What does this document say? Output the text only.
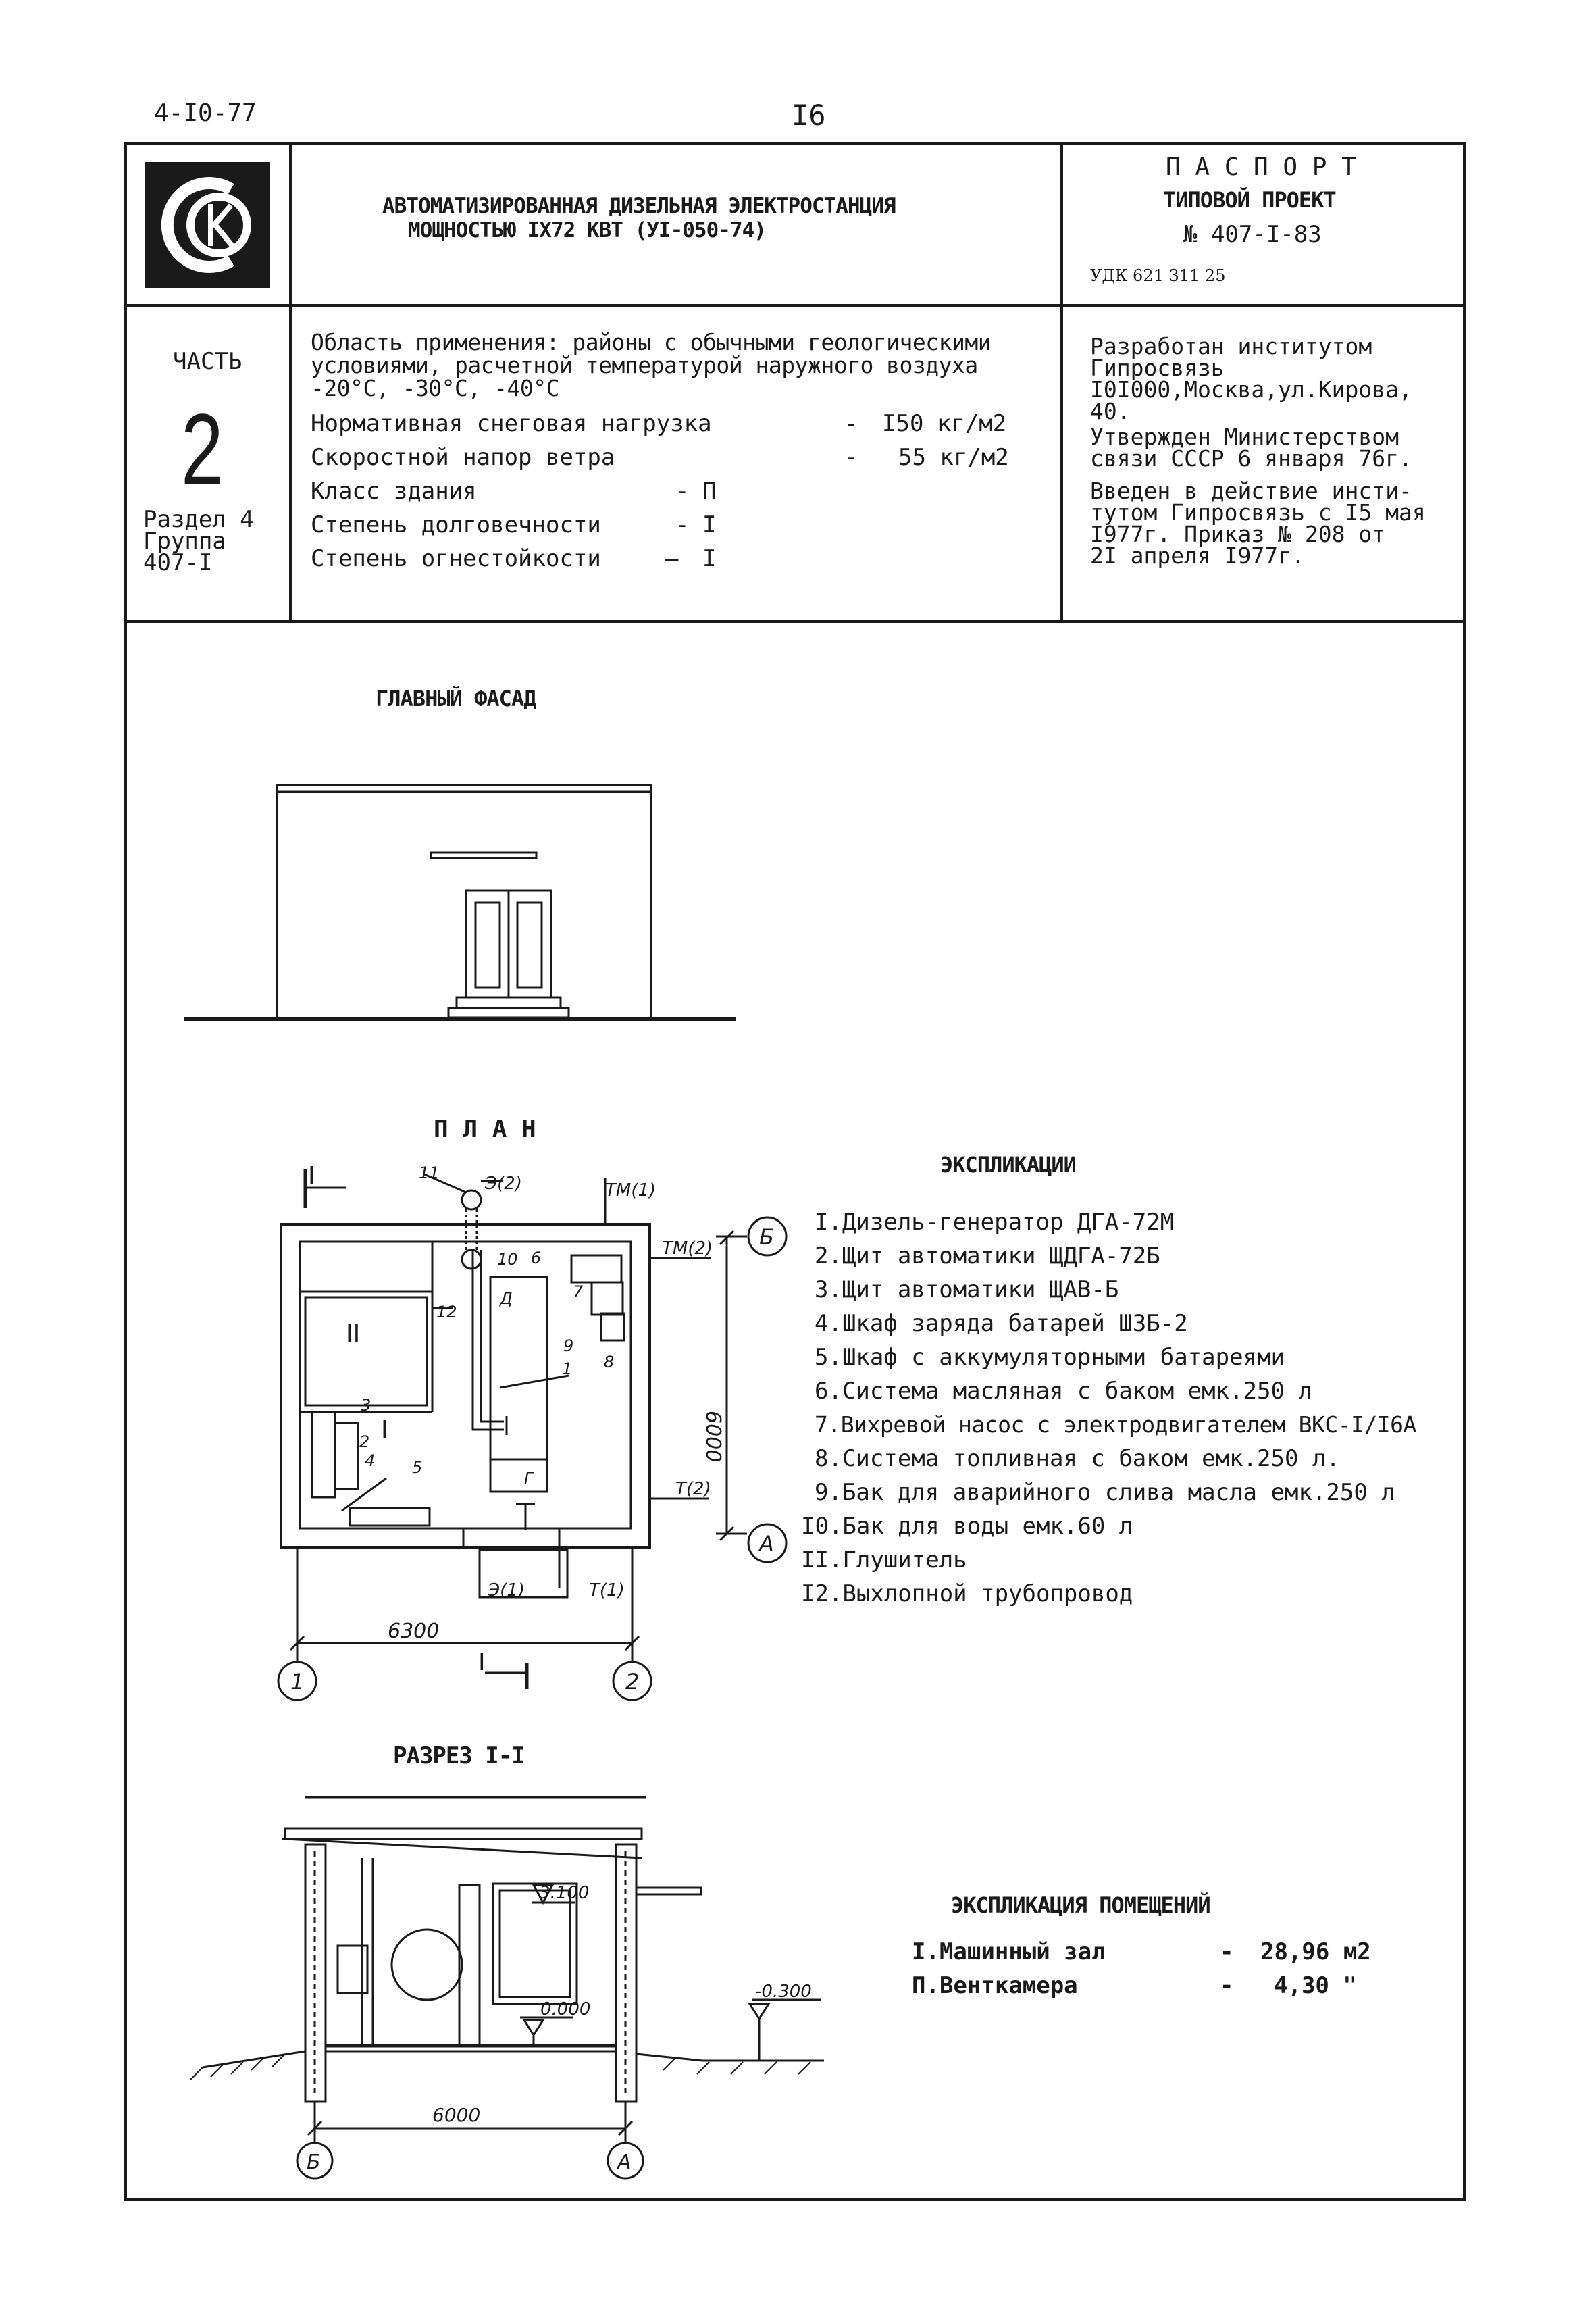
4-I0-77	I6
АВТОМАТИЗИРОВАННАЯ ДИЗЕЛЬНАЯ ЭЛЕКТРОСТАНЦИЯ
МОЩНОСТЬЮ IX72 КВТ (УI-050-74)
П А С П О Р Т
ТИПОВОЙ ПРОЕКТ
№ 407-I-83
УДК 621 311 25
ЧАСТЬ
2
Раздел 4
Группа
407-I
Область применения: районы с обычными геологическими
условиями, расчетной температурой наружного воздуха
-20°С, -30°С, -40°С
Нормативная снеговая нагрузка	- I50 кг/м2
Скоростной напор ветра	- 55 кг/м2
Класс здания	- П
Степень долговечности	- I
Степень огнестойкости	— I
Разработан институтом
Гипросвязь
I0I000,Москва,ул.Кирова,
40.
Утвержден Министерством
связи СССР 6 января 76г.
Введен в действие инсти-
тутом Гипросвязь с I5 мая
I977г. Приказ № 208 от
2I апреля I977г.
ГЛАВНЫЙ ФАСАД
П Л А Н
I
II
6300
6000
1	2
Б
А
I
I
Э(2)	ТМ(1)
ТМ(2)
Т(2)
Э(1)	Т(1)
1
2
3
4 5
6
7
8
9
10
11
12
Д
Г
ЭКСПЛИКАЦИИ
I.Дизель-генератор ДГА-72М
2.Щит автоматики ЩДГА-72Б
3.Щит автоматики ЩАВ-Б
4.Шкаф заряда батарей ШЗБ-2
5.Шкаф с аккумуляторными батареями
6.Система масляная с баком емк.250 л
7.Вихревой насос с электродвигателем ВКС-I/I6А
8.Система топливная с баком емк.250 л.
9.Бак для аварийного слива масла емк.250 л
I0.Бак для воды емк.60 л
II.Глушитель
I2.Выхлопной трубопровод
РАЗРЕЗ I-I
3.100
0.000
-0.300
6000
Б	А
ЭКСПЛИКАЦИЯ ПОМЕЩЕНИЙ
I.Машинный зал	- 28,96 м2
П.Венткамера	- 4,30 "
